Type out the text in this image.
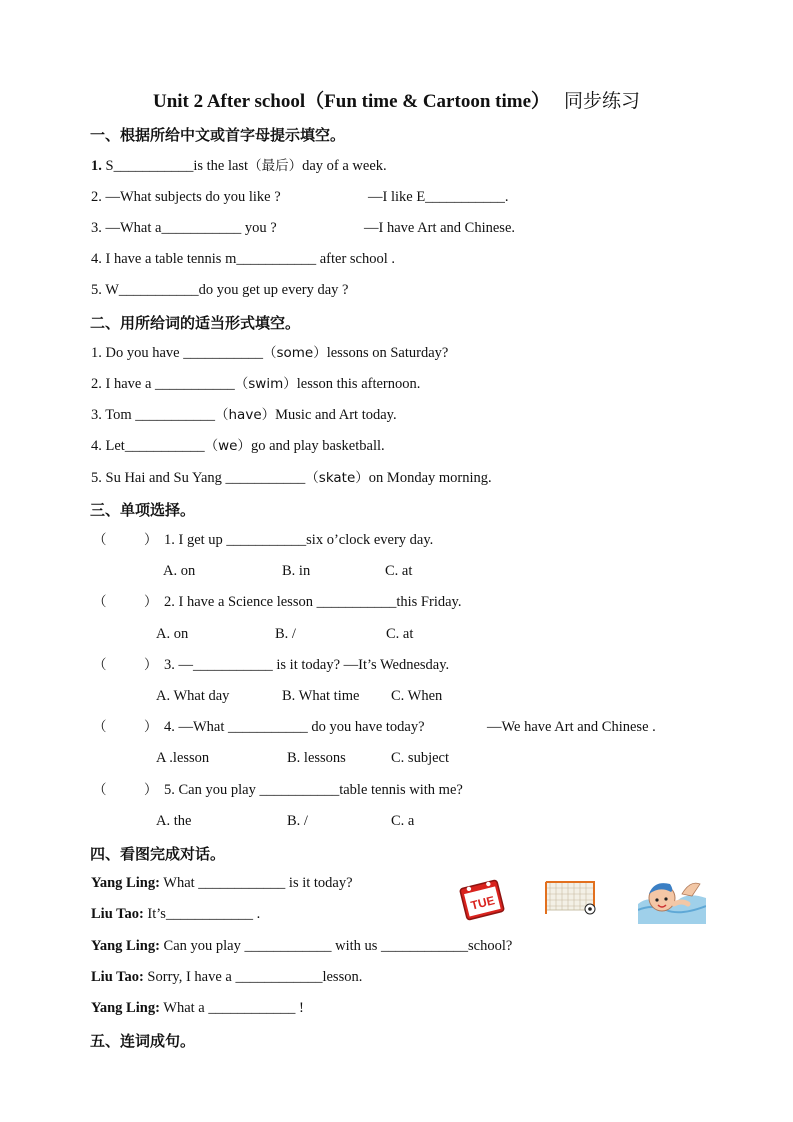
Unit 2 After school（Fun time & Cartoon time） 同步练习
一、根据所给中文或首字母提示填空。
1. S___________is the last（最后）day of a week.
2. —What subjects do you like ?	—I like E___________.
3. —What a___________ you ?	—I have Art and Chinese.
4. I have a table tennis m___________ after school .
5. W___________do you get up every day ?
二、用所给词的适当形式填空。
1. Do you have ___________（some）lessons on Saturday?
2. I have a ___________（swim）lesson this afternoon.
3. Tom ___________（have）Music and Art today.
4. Let___________（we）go and play basketball.
5. Su Hai and Su Yang ___________（skate）on Monday morning.
三、单项选择。
（	） 1. I get up ___________six o’clock every day.
A. on	B. in	C. at
（	） 2. I have a Science lesson ___________this Friday.
A. on	B. /	C. at
（	） 3. —___________ is it today? —It’s Wednesday.
A. What day	B. What time C. When
（	） 4. —What ___________ do you have today?	—We have Art and Chinese .
A .lesson	B. lessons	C. subject
（	） 5. Can you play ___________table tennis with me?
A. the	B. /	C. a
四、看图完成对话。
Yang Ling: What ____________ is it today?
Liu Tao: It’s____________ .
Yang Ling: Can you play ____________ with us ____________school?
Liu Tao: Sorry, I have a ____________lesson.
Yang Ling: What a ____________ !
TUE
五、连词成句。
